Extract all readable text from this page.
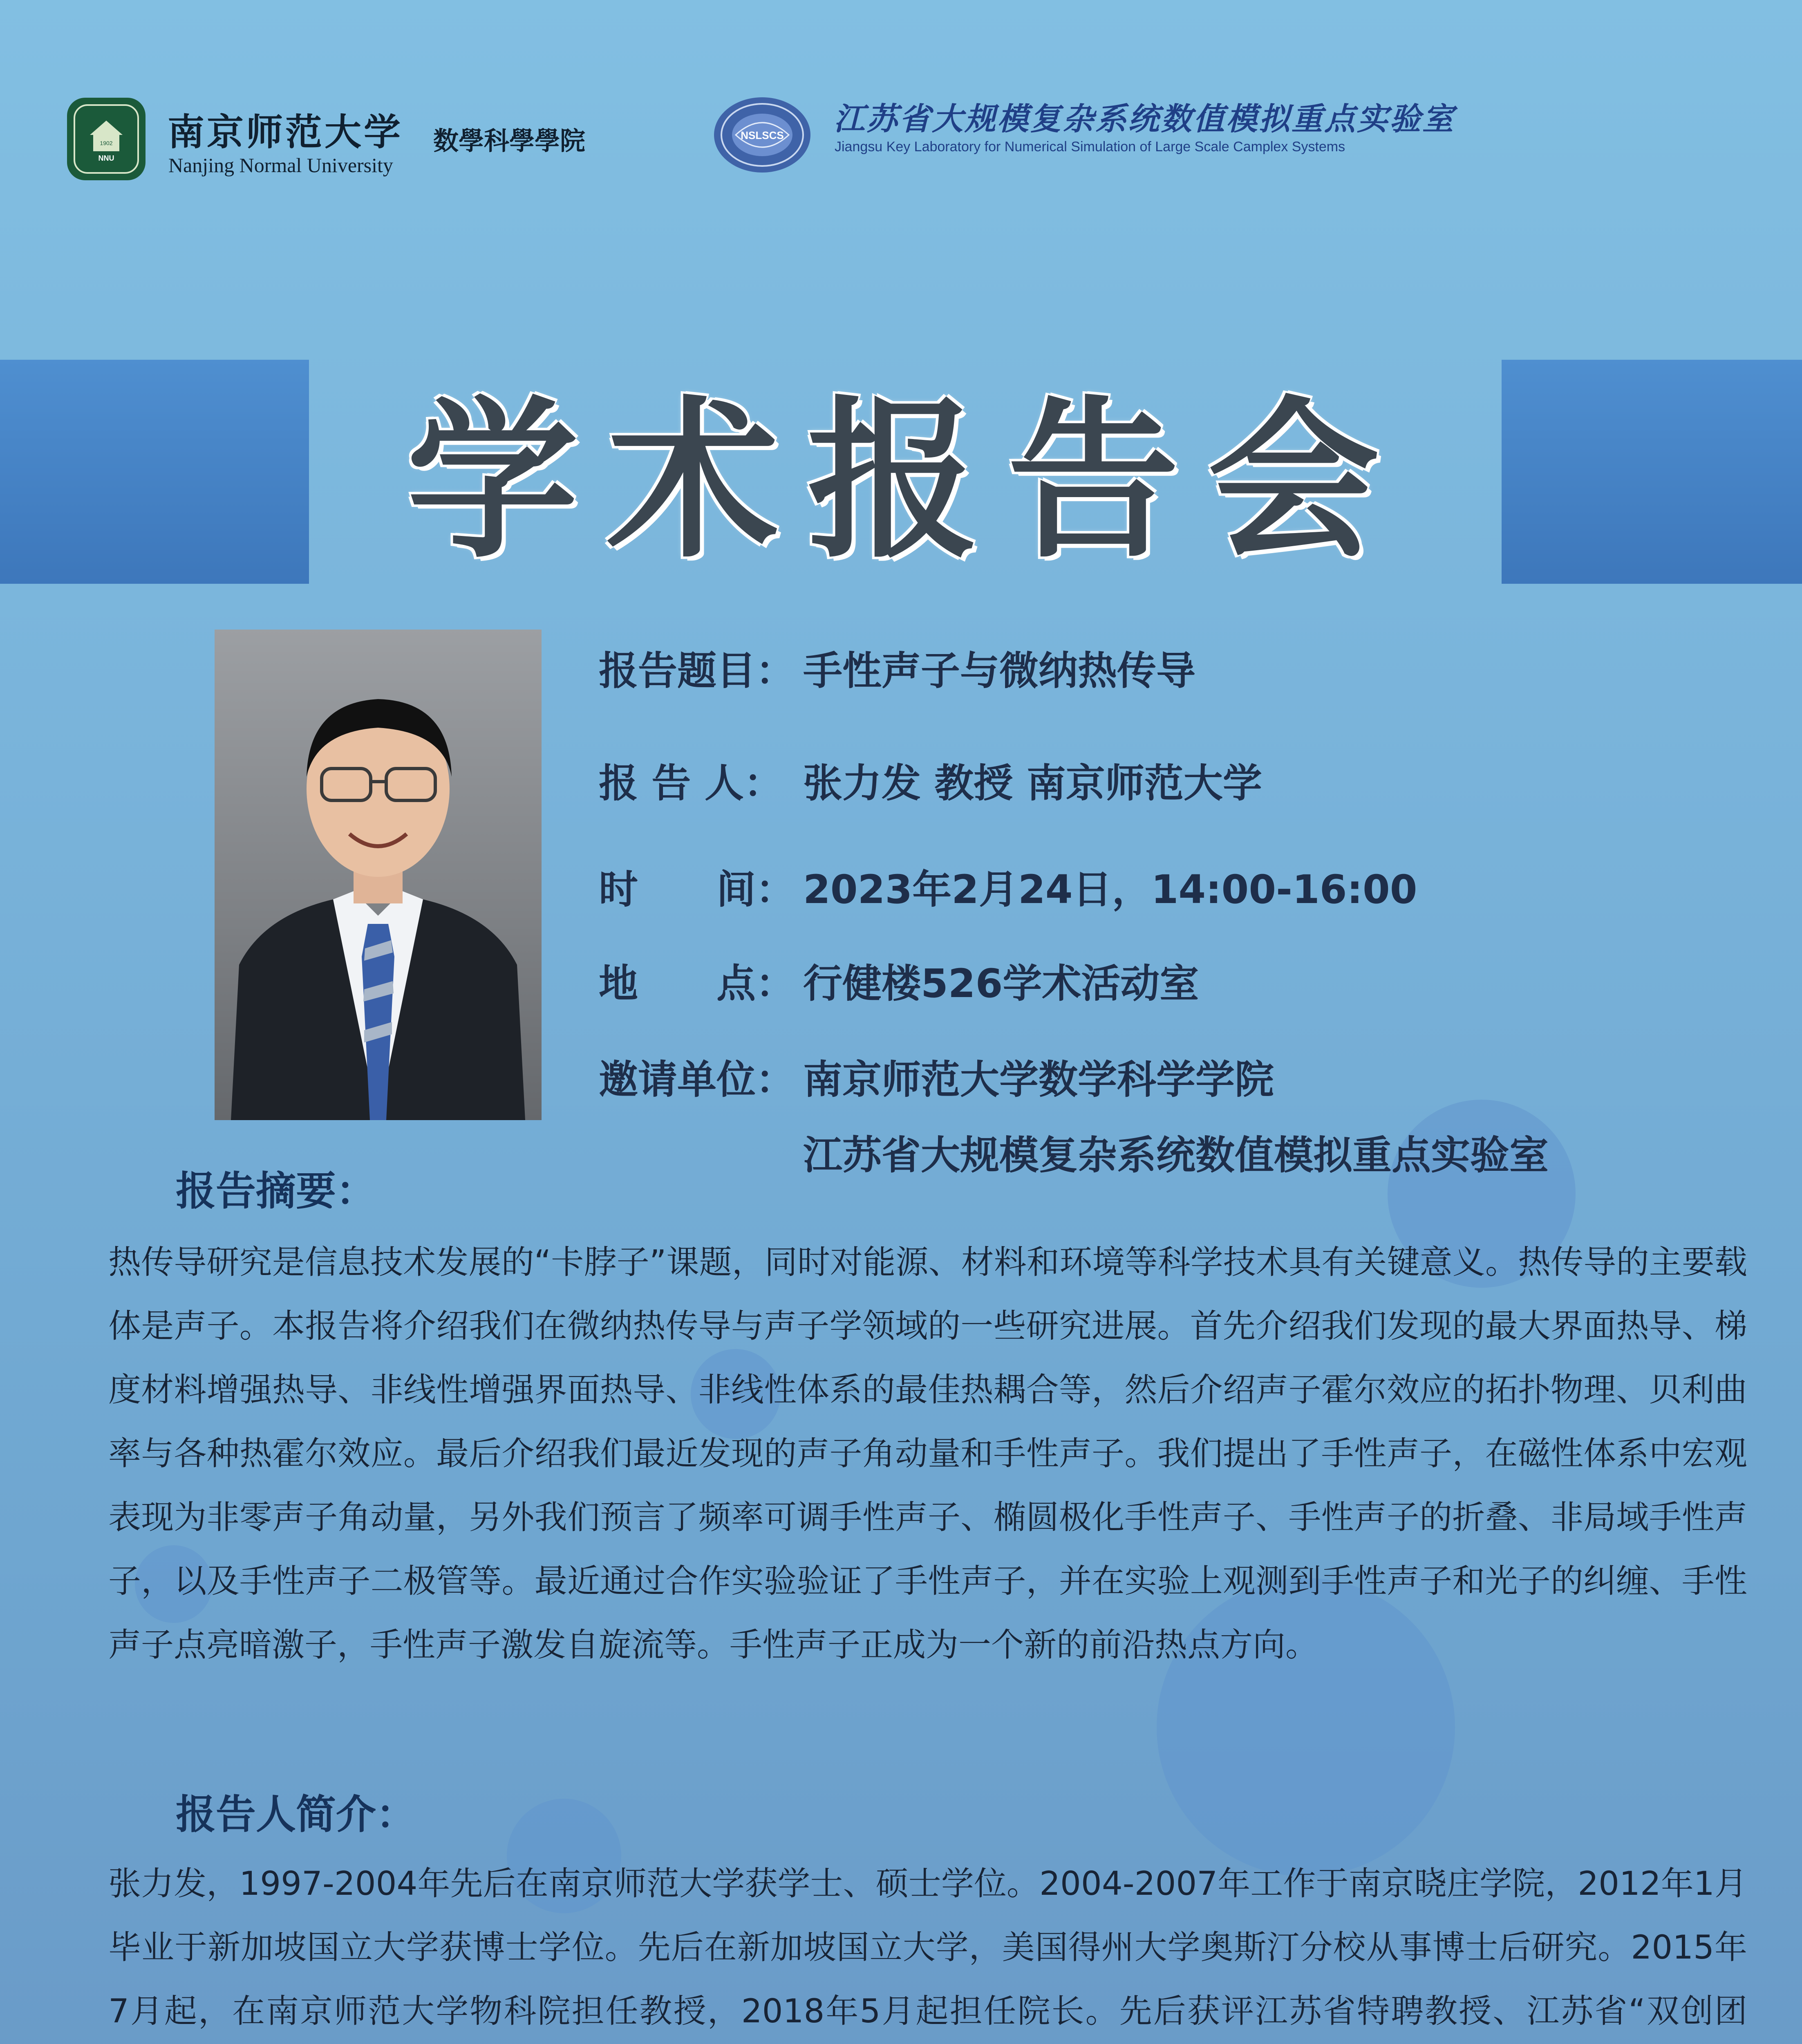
NNU
1902 南京师范大学 数學科學學院
Nanjing Normal University
NSLSCS 江苏省大规模复杂系统数值模拟重点实验室
Jiangsu Key Laboratory for Numerical Simulation of Large Scale Camplex Systems
学术报告会
报告题目： 手性声子与微纳热传导
报 告 人： 张力发 教授 南京师范大学
时　　间： 2023年2月24日，14:00-16:00
地　　点： 行健楼526学术活动室
邀请单位： 南京师范大学数学科学学院
江苏省大规模复杂系统数值模拟重点实验室
报告摘要：
热传导研究是信息技术发展的“卡脖子”课题，同时对能源、材料和环境等科学技术具有关键意义。热传导的主要载体是声子。本报告将介绍我们在微纳热传导与声子学领域的一些研究进展。首先介绍我们发现的最大界面热导、梯度材料增强热导、非线性增强界面热导、非线性体系的最佳热耦合等，然后介绍声子霍尔效应的拓扑物理、贝利曲率与各种热霍尔效应。最后介绍我们最近发现的声子角动量和手性声子。我们提出了手性声子，在磁性体系中宏观表现为非零声子角动量，另外我们预言了频率可调手性声子、椭圆极化手性声子、手性声子的折叠、非局域手性声子，以及手性声子二极管等。最近通过合作实验验证了手性声子，并在实验上观测到手性声子和光子的纠缠、手性声子点亮暗激子，手性声子激发自旋流等。手性声子正成为一个新的前沿热点方向。
报告人简介：
张力发，1997-2004年先后在南京师范大学获学士、硕士学位。2004-2007年工作于南京晓庄学院，2012年1月毕业于新加坡国立大学获博士学位。先后在新加坡国立大学，美国得州大学奥斯汀分校从事博士后研究。2015年7月起，在南京师范大学物科院担任教授，2018年5月起担任院长。先后获评江苏省特聘教授、江苏省“双创团
